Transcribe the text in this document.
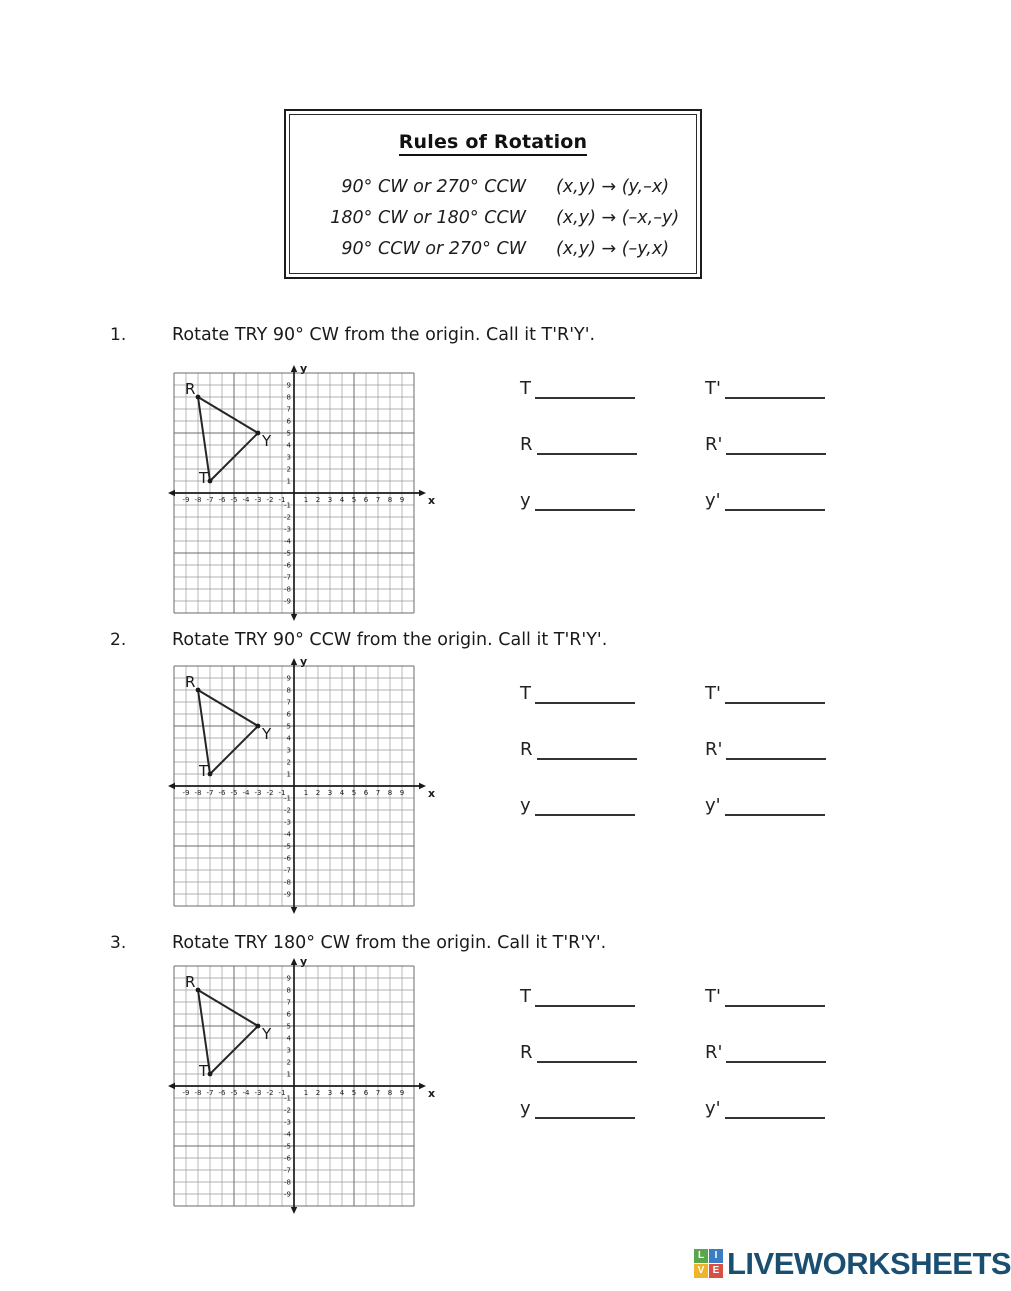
Rules of Rotation
90° CW or 270° CCW	(x,y) → (y,–x)
180° CW or 180° CCW	(x,y) → (–x,–y)
90° CCW or 270° CW	(x,y) → (–y,x)
1.	Rotate TRY 90° CW from the origin. Call it T'R'Y'.
-9 -8 -7 -6 -5 -4 -3 -2 -1	1 2 3 4 5 6 7 8 9
9
8
7
6
5
4
3
2
1
-1
-2
-3
-4
-5
-6
-7
-8
-9
x
y
R
T
Y
T	T'
R	R'
y	y'
2.	Rotate TRY 90° CCW from the origin. Call it T'R'Y'.
-9 -8 -7 -6 -5 -4 -3 -2 -1	1 2 3 4 5 6 7 8 9
9
8
7
6
5
4
3
2
1
-1
-2
-3
-4
-5
-6
-7
-8
-9
x
y
R
T
Y
T	T'
R	R'
y	y'
3.	Rotate TRY 180° CW from the origin. Call it T'R'Y'.
-9 -8 -7 -6 -5 -4 -3 -2 -1	1 2 3 4 5 6 7 8 9
9
8
7
6
5
4
3
2
1
-1
-2
-3
-4
-5
-6
-7
-8
-9
x
y
R
T
Y
T	T'
R	R'
y	y'
L	I
V E LIVEWORKSHEETS
